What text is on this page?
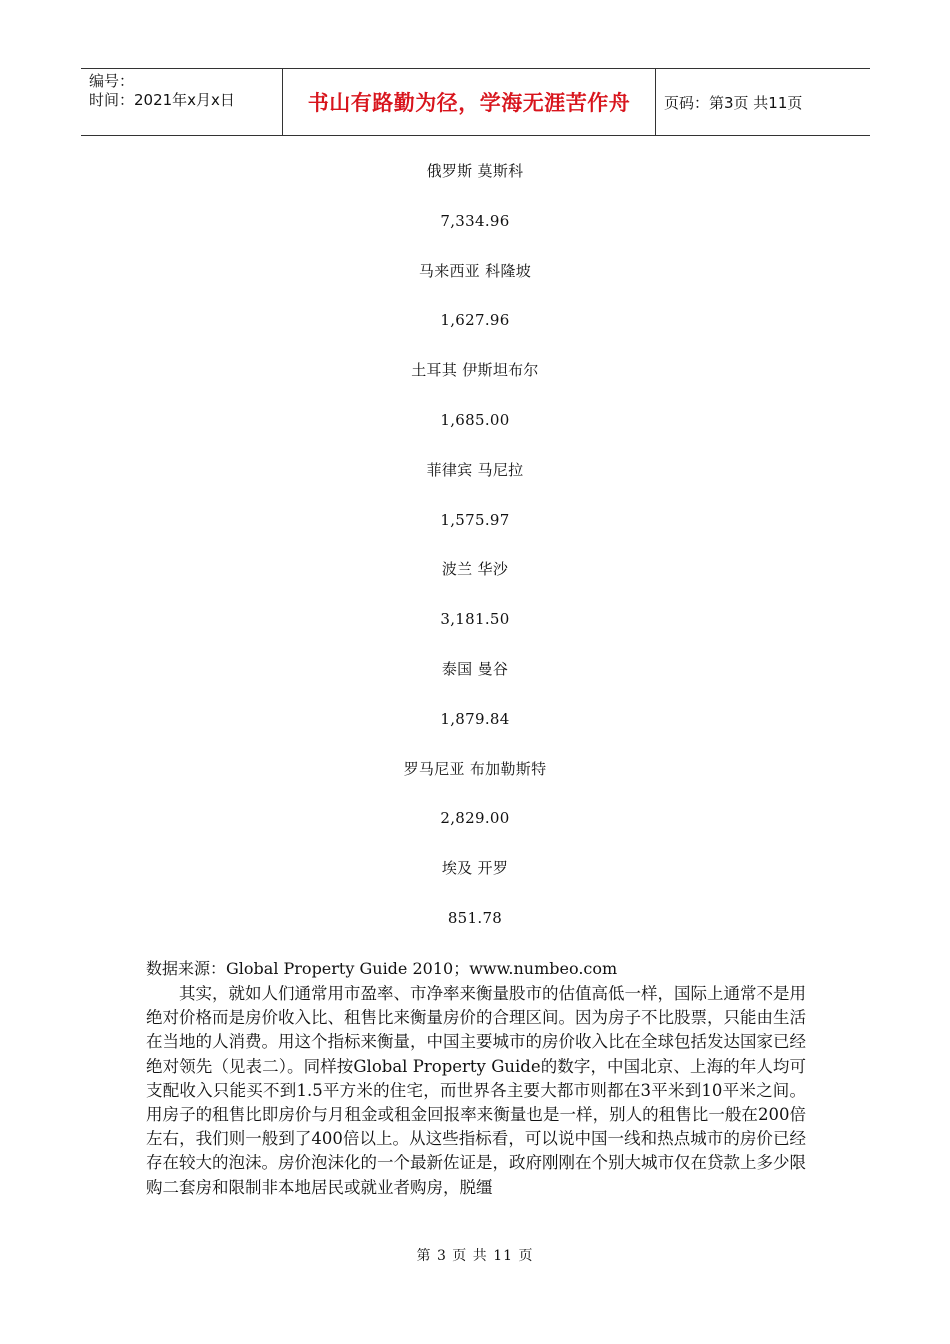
编号：
时间：2021年x月x日	书山有路勤为径，学海无涯苦作舟 页码：第3页 共11页
俄罗斯 莫斯科
7,334.96
马来西亚 科隆坡
1,627.96
土耳其 伊斯坦布尔
1,685.00
菲律宾 马尼拉
1,575.97
波兰 华沙
3,181.50
泰国 曼谷
1,879.84
罗马尼亚 布加勒斯特
2,829.00
埃及 开罗
851.78
数据来源：Global Property Guide 2010；www.numbeo.com
其实，就如人们通常用市盈率、市净率来衡量股市的估值高低一样，国际上通常不是用绝对价格而是房价收入比、租售比来衡量房价的合理区间。因为房子不比股票，只能由生活在当地的人消费。用这个指标来衡量，中国主要城市的房价收入比在全球包括发达国家已经绝对领先（见表二）。同样按Global Property Guide的数字，中国北京、上海的年人均可支配收入只能买不到1.5平方米的住宅，而世界各主要大都市则都在3平米到10平米之间。用房子的租售比即房价与月租金或租金回报率来衡量也是一样，别人的租售比一般在200倍左右，我们则一般到了400倍以上。从这些指标看，可以说中国一线和热点城市的房价已经存在较大的泡沫。房价泡沫化的一个最新佐证是，政府刚刚在个别大城市仅在贷款上多少限购二套房和限制非本地居民或就业者购房，脱缰
第 3 页 共 11 页
